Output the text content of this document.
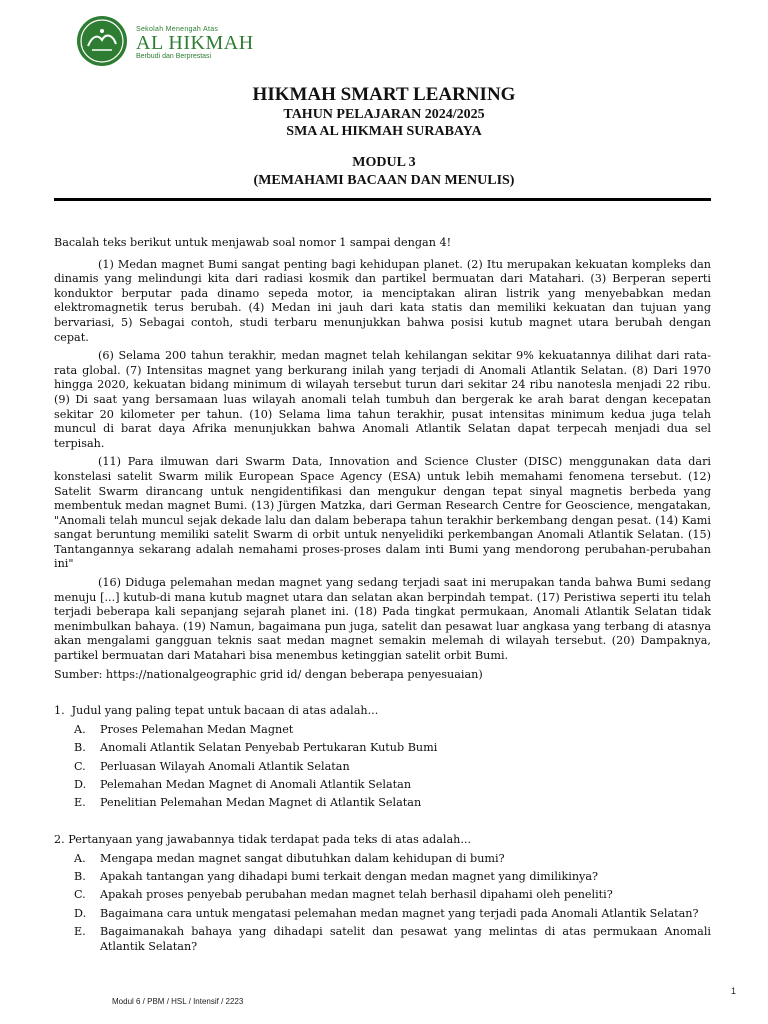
Sekolah Menengah Atas
AL HIKMAH
Berbudi dan Berprestasi
HIKMAH SMART LEARNING
TAHUN PELAJARAN 2024/2025
SMA AL HIKMAH SURABAYA
MODUL 3
(MEMAHAMI BACAAN DAN MENULIS)

Bacalah teks berikut untuk menjawab soal nomor 1 sampai dengan 4!

(1) Medan magnet Bumi sangat penting bagi kehidupan planet. (2) Itu merupakan kekuatan kompleks dan dinamis yang melindungi kita dari radiasi kosmik dan partikel bermuatan dari Matahari. (3) Berperan seperti konduktor berputar pada dinamo sepeda motor, ia menciptakan aliran listrik yang menyebabkan medan elektromagnetik terus berubah. (4) Medan ini jauh dari kata statis dan memiliki kekuatan dan tujuan yang bervariasi, 5) Sebagai contoh, studi terbaru menunjukkan bahwa posisi kutub magnet utara berubah dengan cepat.

(6) Selama 200 tahun terakhir, medan magnet telah kehilangan sekitar 9% kekuatannya dilihat dari rata-rata global. (7) Intensitas magnet yang berkurang inilah yang terjadi di Anomali Atlantik Selatan. (8) Dari 1970 hingga 2020, kekuatan bidang minimum di wilayah tersebut turun dari sekitar 24 ribu nanotesla menjadi 22 ribu. (9) Di saat yang bersamaan luas wilayah anomali telah tumbuh dan bergerak ke arah barat dengan kecepatan sekitar 20 kilometer per tahun. (10) Selama lima tahun terakhir, pusat intensitas minimum kedua juga telah muncul di barat daya Afrika menunjukkan bahwa Anomali Atlantik Selatan dapat terpecah menjadi dua sel terpisah.

(11) Para ilmuwan dari Swarm Data, Innovation and Science Cluster (DISC) menggunakan data dari konstelasi satelit Swarm milik European Space Agency (ESA) untuk lebih memahami fenomena tersebut. (12) Satelit Swarm dirancang untuk nengidentifikasi dan mengukur dengan tepat sinyal magnetis berbeda yang membentuk medan magnet Bumi. (13) Jürgen Matzka, dari German Research Centre for Geoscience, mengatakan, "Anomali telah muncul sejak dekade lalu dan dalam beberapa tahun terakhir berkembang dengan pesat. (14) Kami sangat beruntung memiliki satelit Swarm di orbit untuk nenyelidiki perkembangan Anomali Atlantik Selatan. (15) Tantangannya sekarang adalah nemahami proses-proses dalam inti Bumi yang mendorong perubahan-perubahan ini"

(16) Diduga pelemahan medan magnet yang sedang terjadi saat ini merupakan tanda bahwa Bumi sedang menuju [...] kutub-di mana kutub magnet utara dan selatan akan berpindah tempat. (17) Peristiwa seperti itu telah terjadi beberapa kali sepanjang sejarah planet ini. (18) Pada tingkat permukaan, Anomali Atlantik Selatan tidak menimbulkan bahaya. (19) Namun, bagaimana pun juga, satelit dan pesawat luar angkasa yang terbang di atasnya akan mengalami gangguan teknis saat medan magnet semakin melemah di wilayah tersebut. (20) Dampaknya, partikel bermuatan dari Matahari bisa menembus ketinggian satelit orbit Bumi.

Sumber: https://nationalgeographic grid id/ dengan beberapa penyesuaian)

1. Judul yang paling tepat untuk bacaan di atas adalah...

A.	Proses Pelemahan Medan Magnet
B.	Anomali Atlantik Selatan Penyebab Pertukaran Kutub Bumi
C.	Perluasan Wilayah Anomali Atlantik Selatan
D.	Pelemahan Medan Magnet di Anomali Atlantik Selatan
E.	Penelitian Pelemahan Medan Magnet di Atlantik Selatan

2. Pertanyaan yang jawabannya tidak terdapat pada teks di atas adalah...

A.	Mengapa medan magnet sangat dibutuhkan dalam kehidupan di bumi?
B.	Apakah tantangan yang dihadapi bumi terkait dengan medan magnet yang dimilikinya?
C.	Apakah proses penyebab perubahan medan magnet telah berhasil dipahami oleh peneliti?
D.	Bagaimana cara untuk mengatasi pelemahan medan magnet yang terjadi pada Anomali Atlantik Selatan?
E.	Bagaimanakah bahaya yang dihadapi satelit dan pesawat yang melintas di atas permukaan Anomali Atlantik Selatan?
Modul 6 / PBM / HSL / Intensif / 2223
1
